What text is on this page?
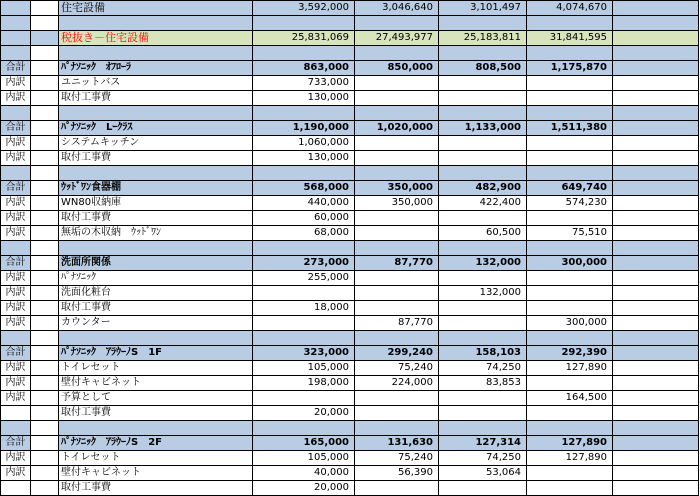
		住宅設備	3,592,000	3,046,640	3,101,497	4,074,670	

		税抜き－住宅設備	25,831,069	27,493,977	25,183,811	31,841,595	

合計		ﾊﾟﾅｿﾆｯｸ　ｵﾌﾛｰﾗ	863,000	850,000	808,500	1,175,870	
内訳		ユニットバス	733,000				
内訳		取付工事費	130,000				

合計		ﾊﾟﾅｿﾆｯｸ　Lｰｸﾗｽ	1,190,000	1,020,000	1,133,000	1,511,380	
内訳		システムキッチン	1,060,000				
内訳		取付工事費	130,000				

合計		ｳｯﾄﾞﾜﾝ食器棚	568,000	350,000	482,900	649,740	
内訳		WN80収納庫	440,000	350,000	422,400	574,230	
内訳		取付工事費	60,000				
内訳		無垢の木収納　ｳｯﾄﾞﾜﾝ	68,000		60,500	75,510	

合計		洗面所関係	273,000	87,770	132,000	300,000	
内訳		ﾊﾟﾅｿﾆｯｸ	255,000				
内訳		洗面化粧台			132,000		
内訳		取付工事費	18,000				
内訳		カウンター		87,770		300,000	

合計		ﾊﾟﾅｿﾆｯｸ　ｱﾗｳｰﾉS　1F	323,000	299,240	158,103	292,390	
内訳		トイレセット	105,000	75,240	74,250	127,890	
内訳		壁付キャビネット	198,000	224,000	83,853		
内訳		予算として				164,500	
		取付工事費	20,000				

合計		ﾊﾟﾅｿﾆｯｸ　ｱﾗｳｰﾉS　2F	165,000	131,630	127,314	127,890	
内訳		トイレセット	105,000	75,240	74,250	127,890	
内訳		壁付キャビネット	40,000	56,390	53,064		
		取付工事費	20,000				
